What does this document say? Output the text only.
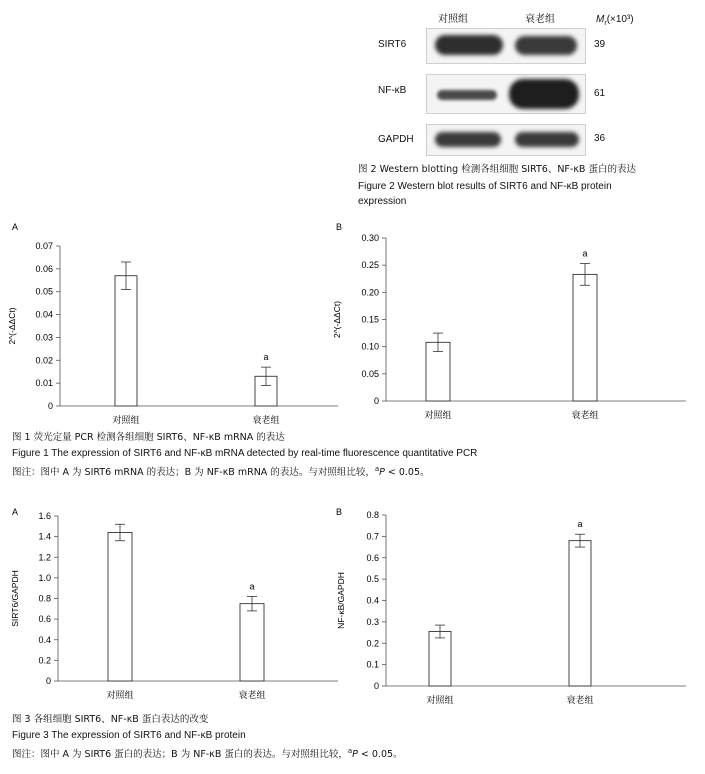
对照组	衰老组	$M_r(\times 10^3)$
SIRT6
NF-κB
GAPDH
39
61
36
图 2 Western blotting 检测各组细胞 SIRT6、NF-κB 蛋白的表达
Figure 2 Western blot results of SIRT6 and NF-κB protein
expression
A
0
0.01
0.02
0.03
0.04
0.05
0.06
0.07
2^(-ΔΔCt)
对照组
a
衰老组
B
0
0.05
0.10
0.15
0.20
0.25
0.30
2^(-ΔΔCt)
对照组
a
衰老组
图 1 荧光定量 PCR 检测各组细胞 SIRT6、NF-κB mRNA 的表达
Figure 1 The expression of SIRT6 and NF-κB mRNA detected by real-time fluorescence quantitative PCR
图注：图中 A 为 SIRT6 mRNA 的表达；B 为 NF-κB mRNA 的表达。与对照组比较，$^a$P < 0.05。
A
0
0.2
0.4
0.6
0.8
1.0
1.2
1.4
1.6
SIRT6/GAPDH
对照组
a
衰老组
B
0
0.1
0.2
0.3
0.4
0.5
0.6
0.7
0.8
NF-κB/GAPDH
对照组
a
衰老组
图 3 各组细胞 SIRT6、NF-κB 蛋白表达的改变
Figure 3 The expression of SIRT6 and NF-κB protein
图注：图中 A 为 SIRT6 蛋白的表达；B 为 NF-κB 蛋白的表达。与对照组比较，$^a$P < 0.05。
